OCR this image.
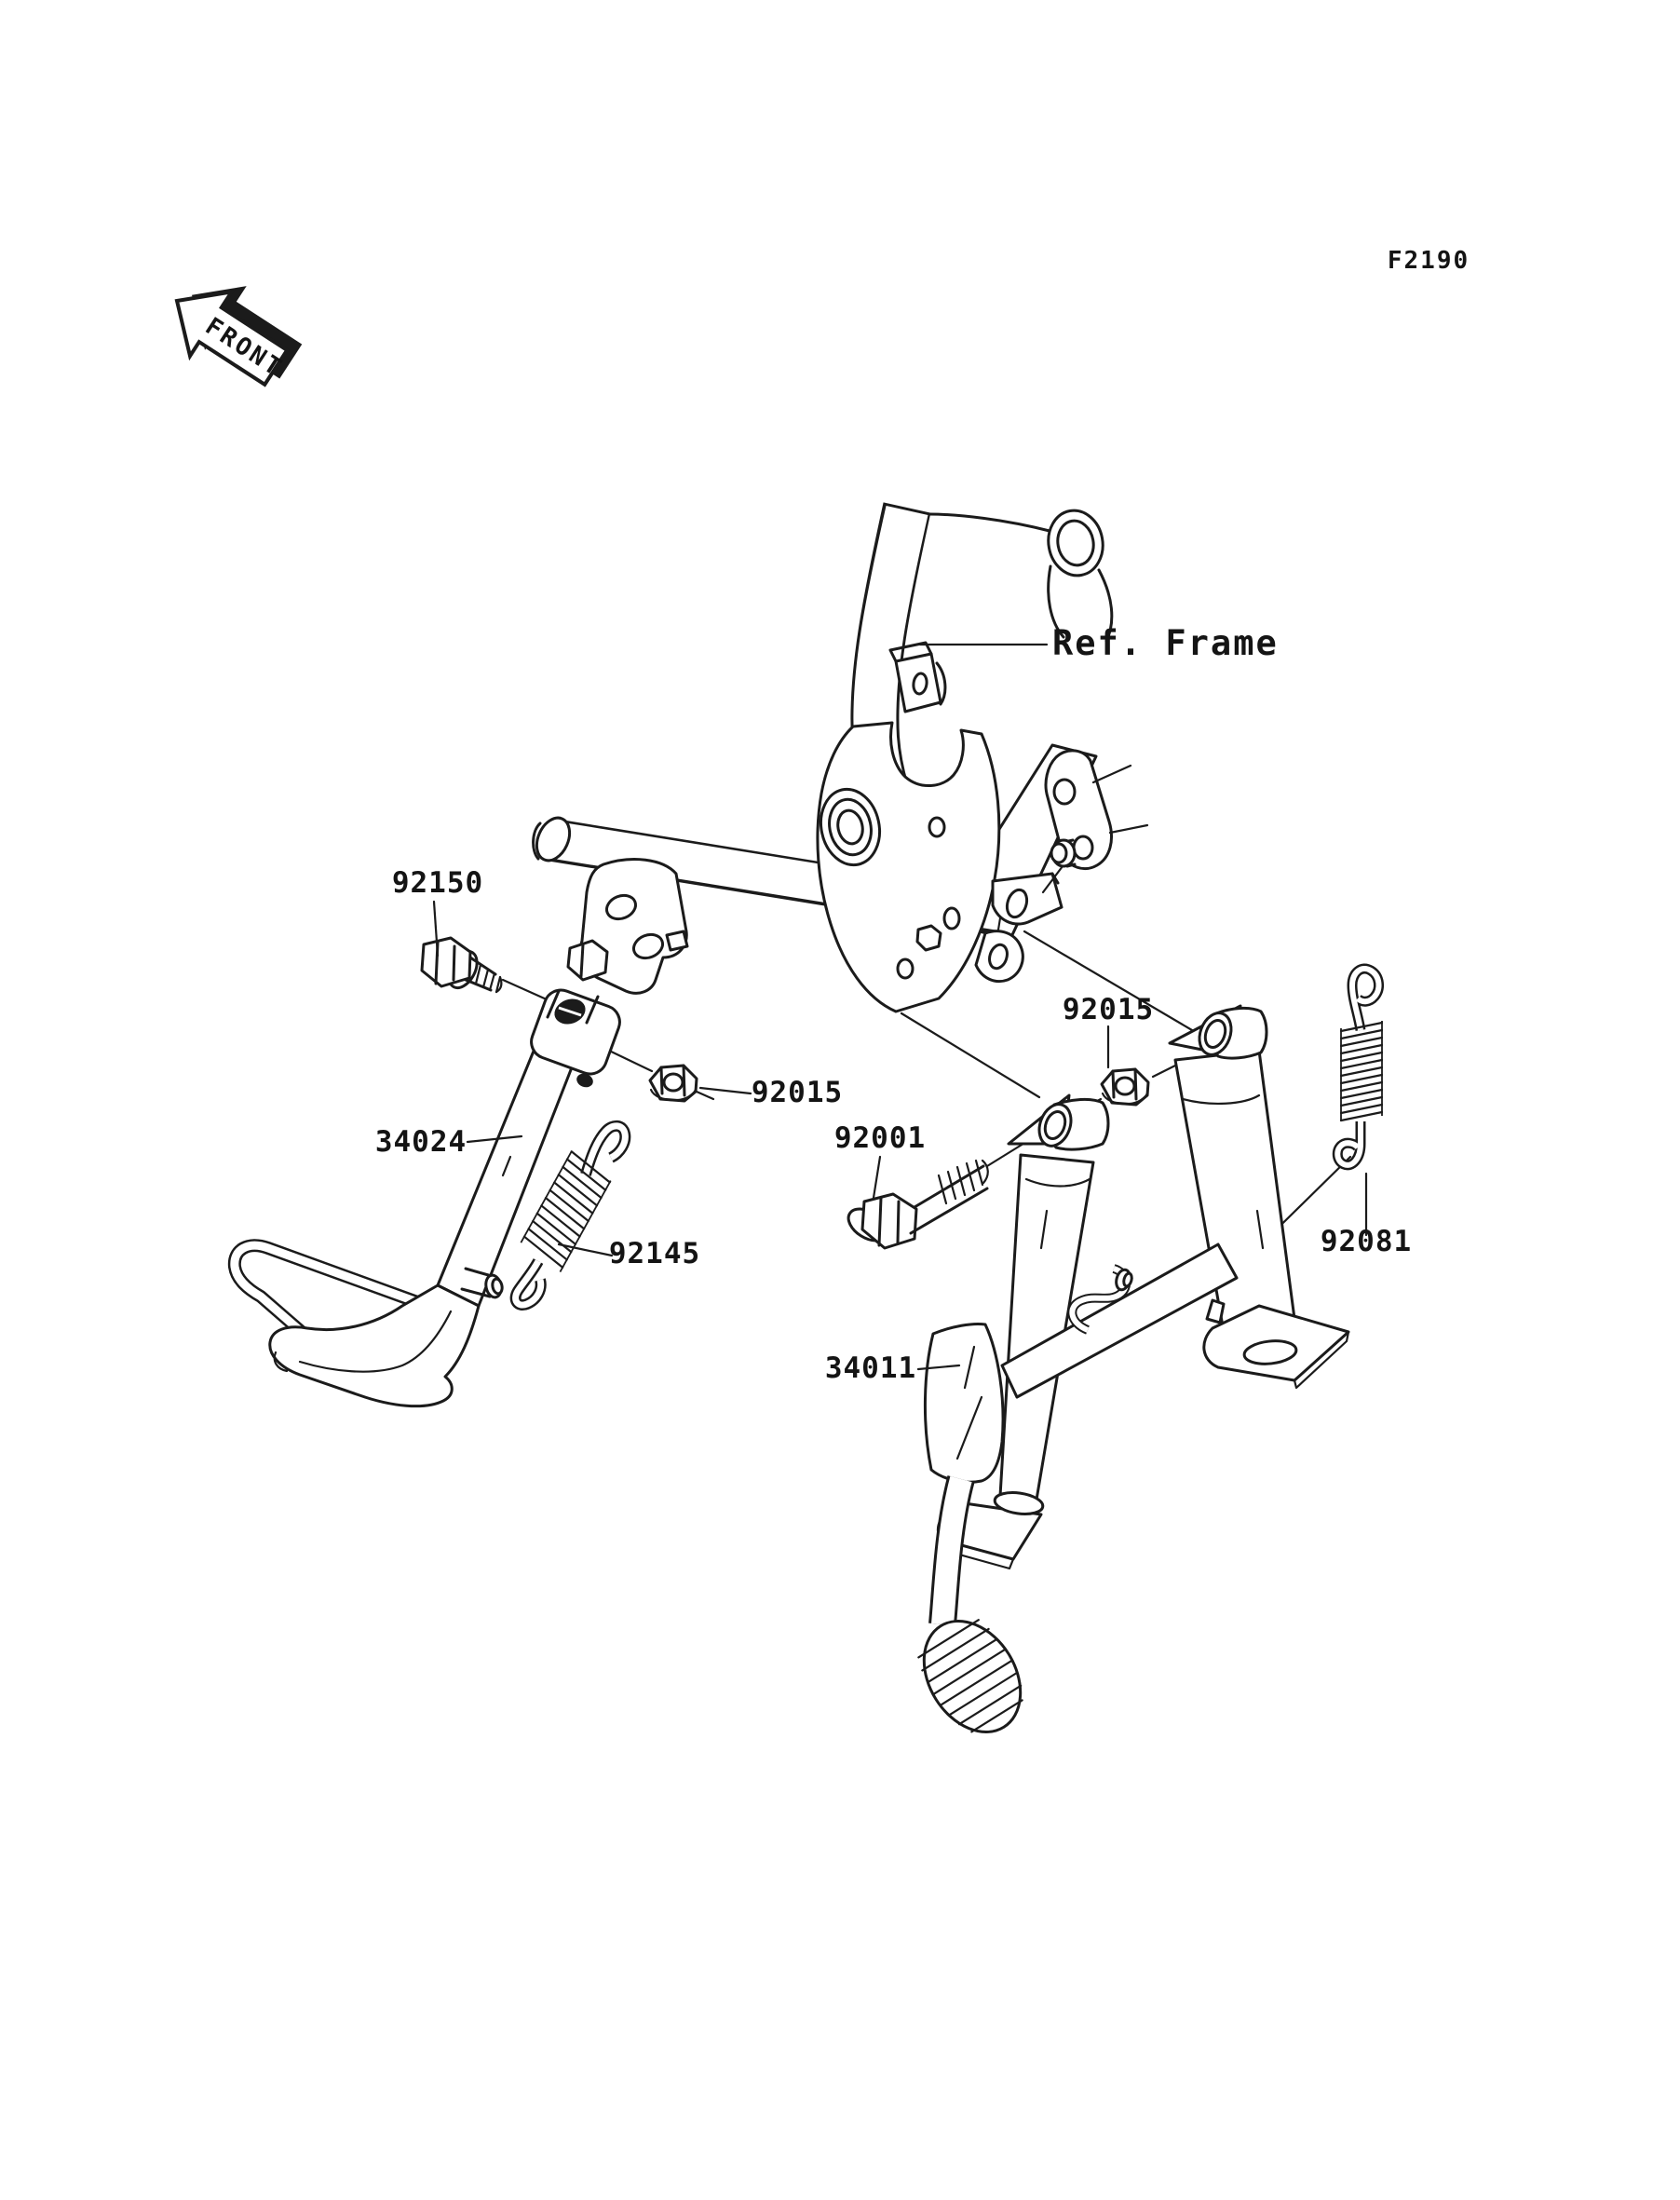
F2190
Ref. Frame
92150
34024
92015
92145
92001
34011
92015
92081
FRONT
